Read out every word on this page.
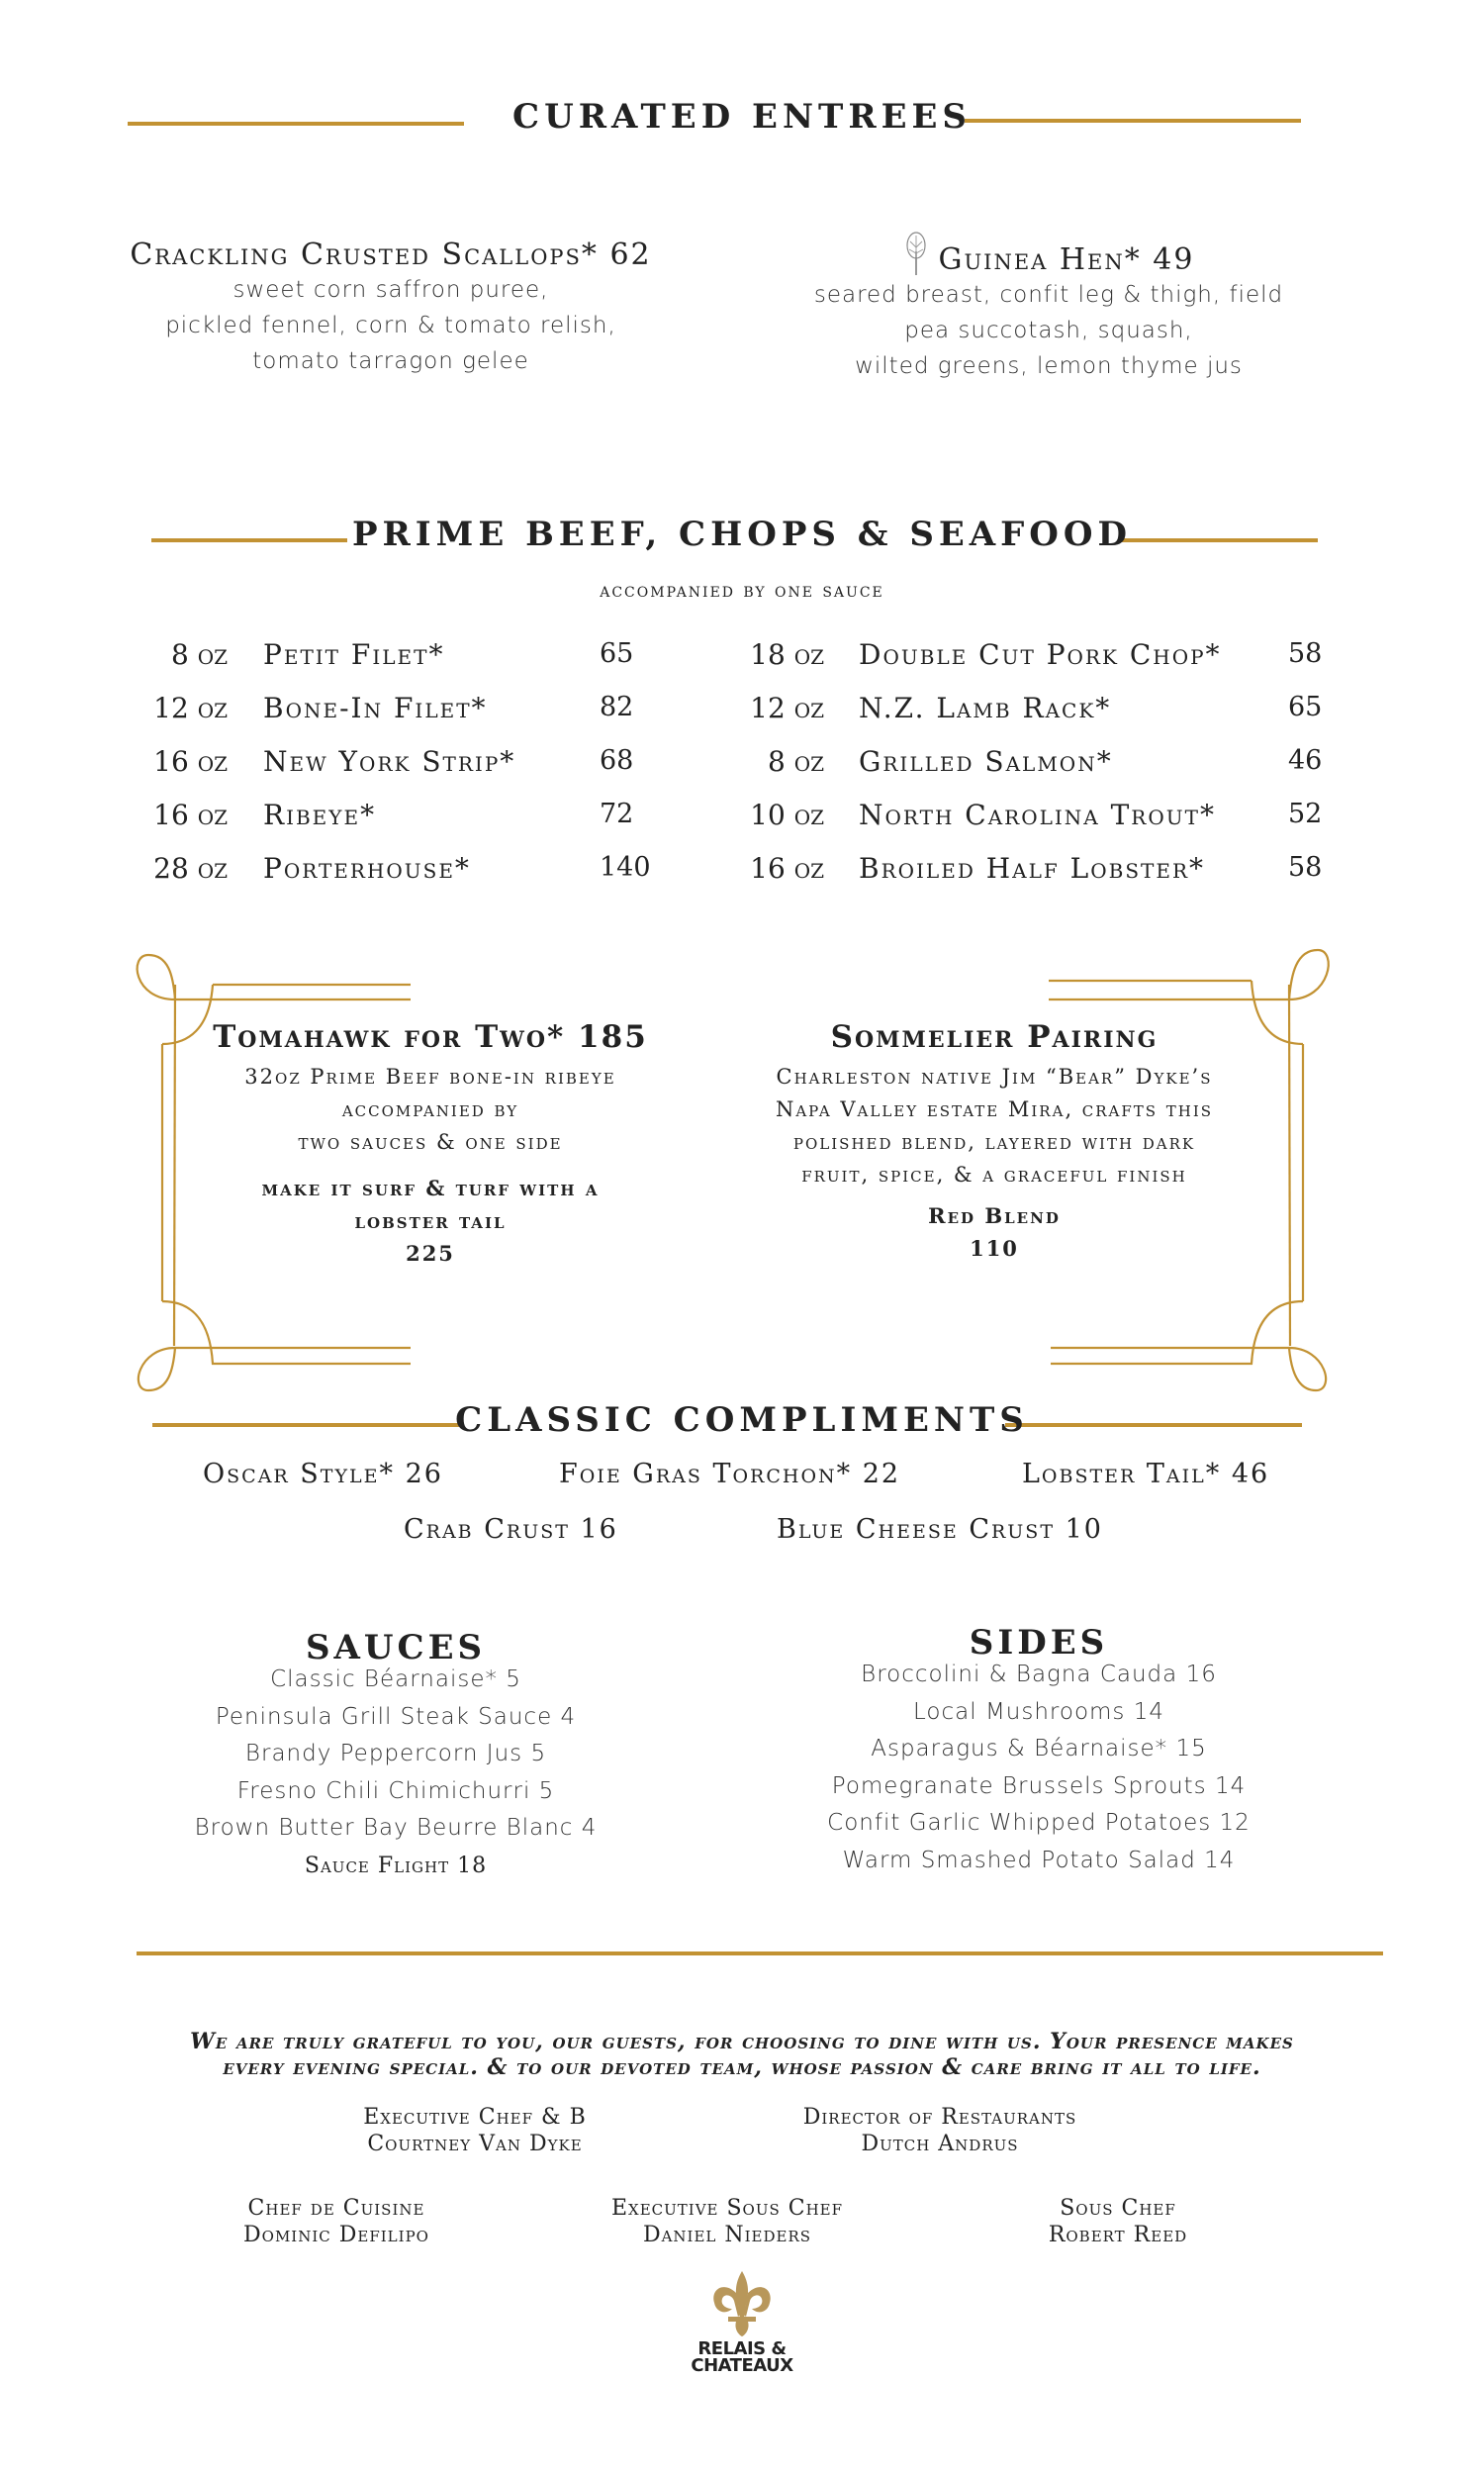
CURATED ENTREES
Crackling Crusted Scallops* 62
sweet corn saffron puree,
pickled fennel, corn & tomato relish,
tomato tarragon gelee
Guinea Hen* 49
seared breast, confit leg & thigh, field
pea succotash, squash,
wilted greens, lemon thyme jus
PRIME BEEF, CHOPS & SEAFOOD
accompanied by one sauce
8 oz Petit Filet*	65
12 oz Bone-In Filet*	82
16 oz New York Strip*	68
16 oz Ribeye*	72
28 oz Porterhouse*	140
18 oz Double Cut Pork Chop* 58
12 oz N.Z. Lamb Rack*	65
8 oz Grilled Salmon*	46
10 oz North Carolina Trout*	52
16 oz Broiled Half Lobster*	58
Tomahawk for Two* 185
32oz Prime Beef bone-in ribeye
accompanied by
two sauces & one side
make it surf & turf with a
lobster tail
225
Sommelier Pairing
Charleston native Jim “Bear” Dyke’s
Napa Valley estate Mira, crafts this
polished blend, layered with dark
fruit, spice, & a graceful finish
Red Blend
110
CLASSIC COMPLIMENTS
Oscar Style* 26	Foie Gras Torchon* 22	Lobster Tail* 46
Crab Crust 16	Blue Cheese Crust 10
SAUCES
Classic Béarnaise* 5
Peninsula Grill Steak Sauce 4
Brandy Peppercorn Jus 5
Fresno Chili Chimichurri 5
Brown Butter Bay Beurre Blanc 4
Sauce Flight 18
SIDES
Broccolini & Bagna Cauda 16
Local Mushrooms 14
Asparagus & Béarnaise* 15
Pomegranate Brussels Sprouts 14
Confit Garlic Whipped Potatoes 12
Warm Smashed Potato Salad 14
We are truly grateful to you, our guests, for choosing to dine with us. Your presence makes
every evening special. & to our devoted team, whose passion & care bring it all to life.
Executive Chef & B
Courtney Van Dyke
Director of Restaurants
Dutch Andrus
Chef de Cuisine
Dominic Defilipo
Executive Sous Chef
Daniel Nieders
Sous Chef
Robert Reed
RELAIS &
CHATEAUX
